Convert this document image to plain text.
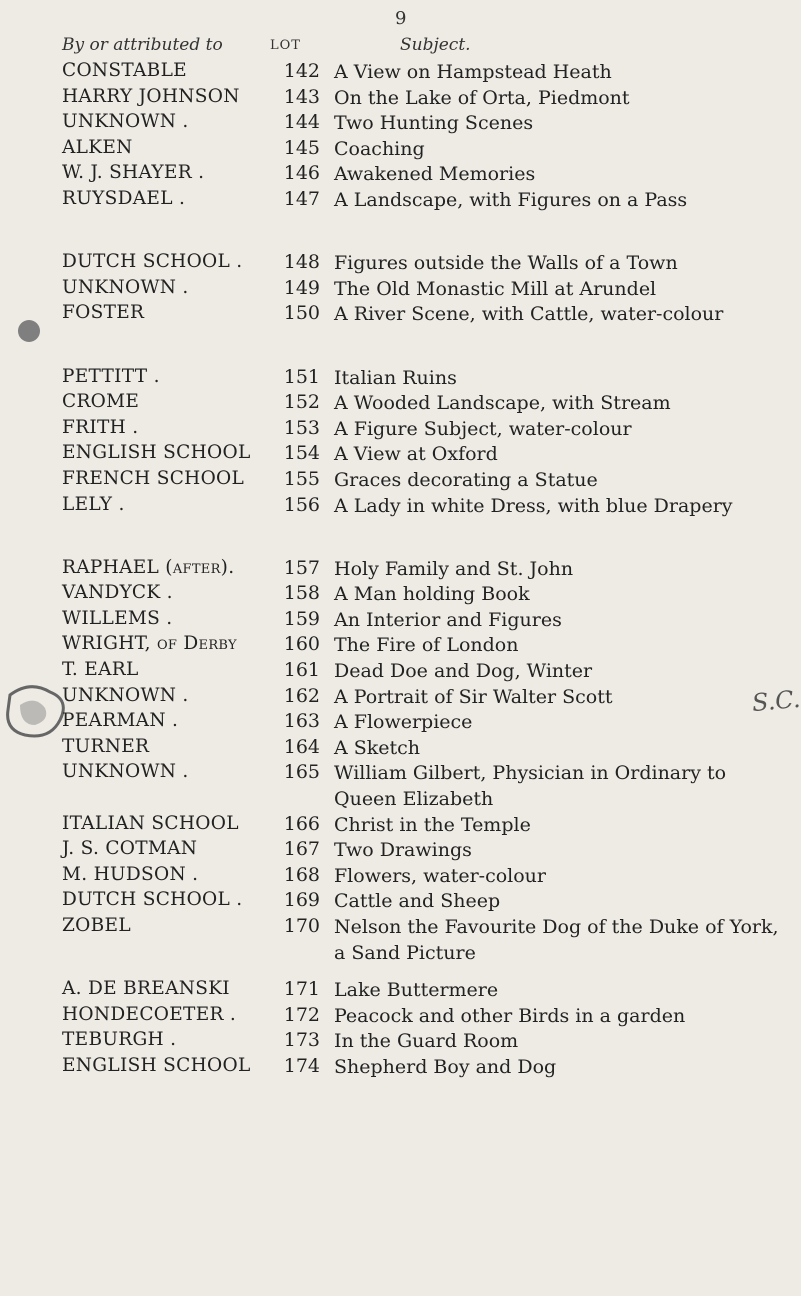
9
By or attributed to	LOT	Subject.
CONSTABLE	142 A View on Hampstead Heath
HARRY JOHNSON	143 On the Lake of Orta, Piedmont
UNKNOWN .	144 Two Hunting Scenes
ALKEN	145 Coaching
W. J. SHAYER .	146 Awakened Memories
RUYSDAEL .	147 A Landscape, with Figures on a Pass
DUTCH SCHOOL .	148 Figures outside the Walls of a Town
UNKNOWN .	149 The Old Monastic Mill at Arundel
FOSTER	150 A River Scene, with Cattle, water-colour
PETTITT .	151 Italian Ruins
CROME	152 A Wooded Landscape, with Stream
FRITH .	153 A Figure Subject, water-colour
ENGLISH SCHOOL	154 A View at Oxford
FRENCH SCHOOL	155 Graces decorating a Statue
LELY .	156 A Lady in white Dress, with blue Drapery
RAPHAEL (after).	157 Holy Family and St. John
VANDYCK .	158 A Man holding Book
WILLEMS .	159 An Interior and Figures
WRIGHT, of Derby	160 The Fire of London
T. EARL	161 Dead Doe and Dog, Winter
UNKNOWN .	162 A Portrait of Sir Walter Scott
PEARMAN .	163 A Flowerpiece
TURNER	164 A Sketch
UNKNOWN .	165 William Gilbert, Physician in Ordinary to Queen Elizabeth
ITALIAN SCHOOL	166 Christ in the Temple
J. S. COTMAN	167 Two Drawings
M. HUDSON .	168 Flowers, water-colour
DUTCH SCHOOL .	169 Cattle and Sheep
ZOBEL	170 Nelson the Favourite Dog of the Duke of York, a Sand Picture
A. DE BREANSKI	171 Lake Buttermere
HONDECOETER .	172 Peacock and other Birds in a garden
TEBURGH .	173 In the Guard Room
ENGLISH SCHOOL	174 Shepherd Boy and Dog
S.C.
